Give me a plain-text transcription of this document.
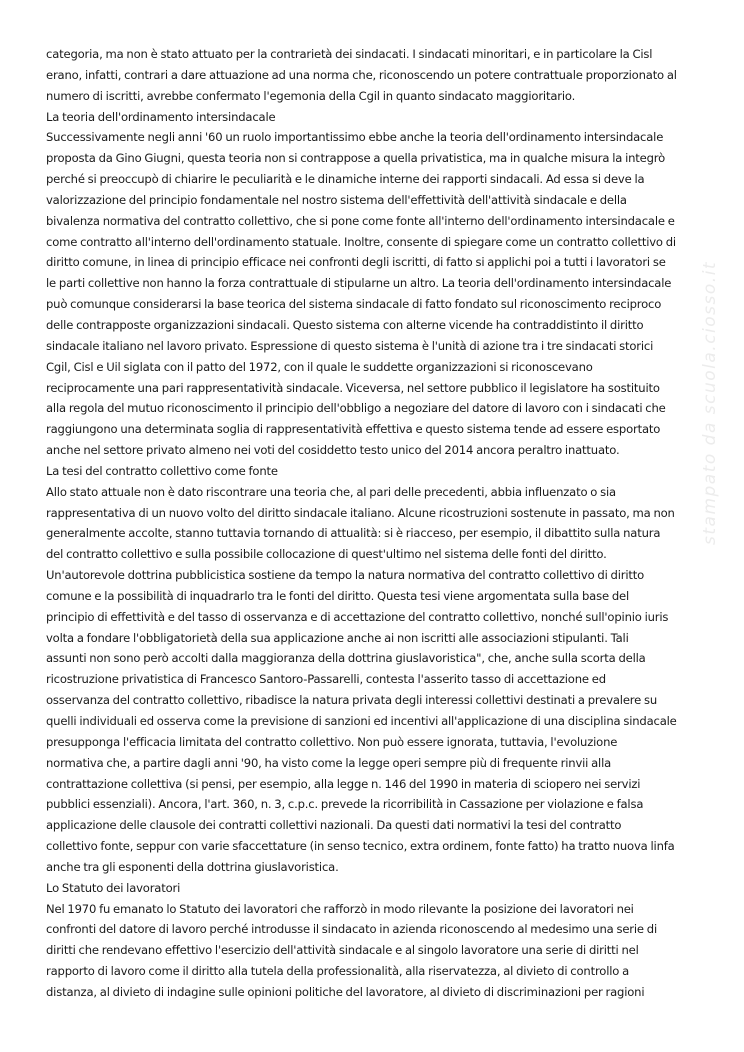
stampato da scuola.ciosso.it
categoria, ma non è stato attuato per la contrarietà dei sindacati. I sindacati minoritari, e in particolare la Cisl
erano, infatti, contrari a dare attuazione ad una norma che, riconoscendo un potere contrattuale proporzionato al
numero di iscritti, avrebbe confermato l'egemonia della Cgil in quanto sindacato maggioritario.
La teoria dell'ordinamento intersindacale
Successivamente negli anni '60 un ruolo importantissimo ebbe anche la teoria dell'ordinamento intersindacale
proposta da Gino Giugni, questa teoria non si contrappose a quella privatistica, ma in qualche misura la integrò
perché si preoccupò di chiarire le peculiarità e le dinamiche interne dei rapporti sindacali. Ad essa si deve la
valorizzazione del principio fondamentale nel nostro sistema dell'effettività dell'attività sindacale e della
bivalenza normativa del contratto collettivo, che si pone come fonte all'interno dell'ordinamento intersindacale e
come contratto all'interno dell'ordinamento statuale. Inoltre, consente di spiegare come un contratto collettivo di
diritto comune, in linea di principio efficace nei confronti degli iscritti, di fatto si applichi poi a tutti i lavoratori se
le parti collettive non hanno la forza contrattuale di stipularne un altro. La teoria dell'ordinamento intersindacale
può comunque considerarsi la base teorica del sistema sindacale di fatto fondato sul riconoscimento reciproco
delle contrapposte organizzazioni sindacali. Questo sistema con alterne vicende ha contraddistinto il diritto
sindacale italiano nel lavoro privato. Espressione di questo sistema è l'unità di azione tra i tre sindacati storici
Cgil, Cisl e Uil siglata con il patto del 1972, con il quale le suddette organizzazioni si riconoscevano
reciprocamente una pari rappresentatività sindacale. Viceversa, nel settore pubblico il legislatore ha sostituito
alla regola del mutuo riconoscimento il principio dell'obbligo a negoziare del datore di lavoro con i sindacati che
raggiungono una determinata soglia di rappresentatività effettiva e questo sistema tende ad essere esportato
anche nel settore privato almeno nei voti del cosiddetto testo unico del 2014 ancora peraltro inattuato.
La tesi del contratto collettivo come fonte
Allo stato attuale non è dato riscontrare una teoria che, al pari delle precedenti, abbia influenzato o sia
rappresentativa di un nuovo volto del diritto sindacale italiano. Alcune ricostruzioni sostenute in passato, ma non
generalmente accolte, stanno tuttavia tornando di attualità: si è riacceso, per esempio, il dibattito sulla natura
del contratto collettivo e sulla possibile collocazione di quest'ultimo nel sistema delle fonti del diritto.
Un'autorevole dottrina pubblicistica sostiene da tempo la natura normativa del contratto collettivo di diritto
comune e la possibilità di inquadrarlo tra le fonti del diritto. Questa tesi viene argomentata sulla base del
principio di effettività e del tasso di osservanza e di accettazione del contratto collettivo, nonché sull'opinio iuris
volta a fondare l'obbligatorietà della sua applicazione anche ai non iscritti alle associazioni stipulanti. Tali
assunti non sono però accolti dalla maggioranza della dottrina giuslavoristica", che, anche sulla scorta della
ricostruzione privatistica di Francesco Santoro-Passarelli, contesta l'asserito tasso di accettazione ed
osservanza del contratto collettivo, ribadisce la natura privata degli interessi collettivi destinati a prevalere su
quelli individuali ed osserva come la previsione di sanzioni ed incentivi all'applicazione di una disciplina sindacale
presupponga l'efficacia limitata del contratto collettivo. Non può essere ignorata, tuttavia, l'evoluzione
normativa che, a partire dagli anni '90, ha visto come la legge operi sempre più di frequente rinvii alla
contrattazione collettiva (si pensi, per esempio, alla legge n. 146 del 1990 in materia di sciopero nei servizi
pubblici essenziali). Ancora, l'art. 360, n. 3, c.p.c. prevede la ricorribilità in Cassazione per violazione e falsa
applicazione delle clausole dei contratti collettivi nazionali. Da questi dati normativi la tesi del contratto
collettivo fonte, seppur con varie sfaccettature (in senso tecnico, extra ordinem, fonte fatto) ha tratto nuova linfa
anche tra gli esponenti della dottrina giuslavoristica.
Lo Statuto dei lavoratori
Nel 1970 fu emanato lo Statuto dei lavoratori che rafforzò in modo rilevante la posizione dei lavoratori nei
confronti del datore di lavoro perché introdusse il sindacato in azienda riconoscendo al medesimo una serie di
diritti che rendevano effettivo l'esercizio dell'attività sindacale e al singolo lavoratore una serie di diritti nel
rapporto di lavoro come il diritto alla tutela della professionalità, alla riservatezza, al divieto di controllo a
distanza, al divieto di indagine sulle opinioni politiche del lavoratore, al divieto di discriminazioni per ragioni
